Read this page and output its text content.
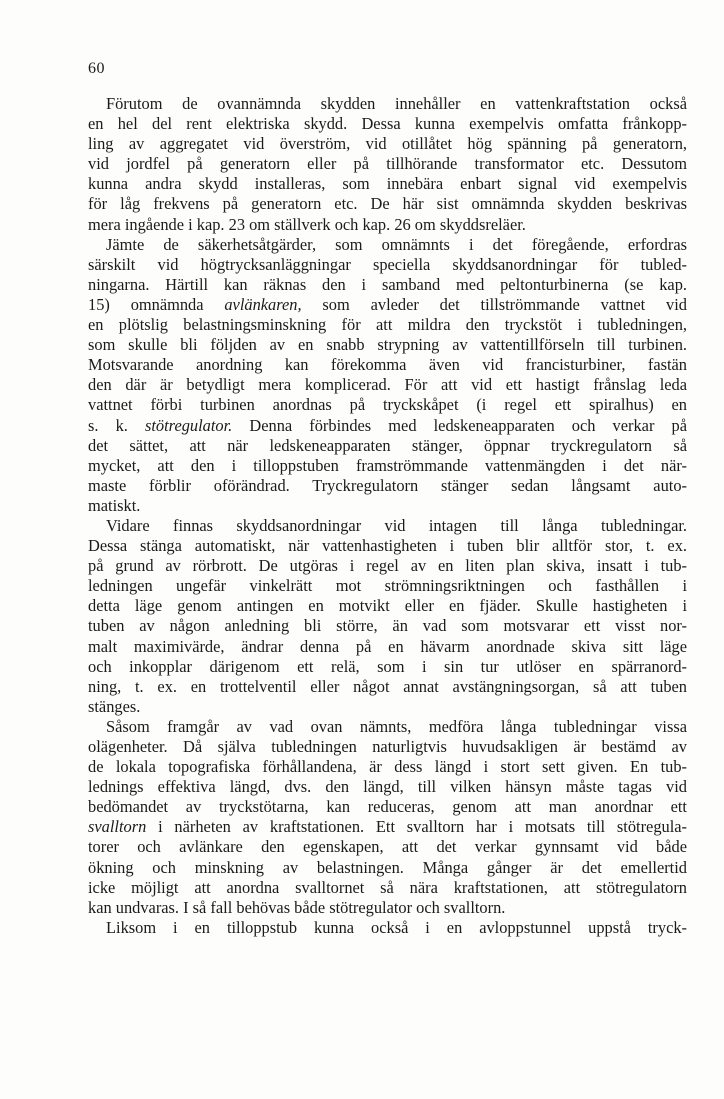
60
Förutom de ovannämnda skydden innehåller en vattenkraftstation också
en hel del rent elektriska skydd. Dessa kunna exempelvis omfatta frånkopp-
ling av aggregatet vid överström, vid otillåtet hög spänning på generatorn,
vid jordfel på generatorn eller på tillhörande transformator etc. Dessutom
kunna andra skydd installeras, som innebära enbart signal vid exempelvis
för låg frekvens på generatorn etc. De här sist omnämnda skydden beskrivas
mera ingående i kap. 23 om ställverk och kap. 26 om skyddsreläer.
Jämte de säkerhetsåtgärder, som omnämnts i det föregående, erfordras
särskilt vid högtrycksanläggningar speciella skyddsanordningar för tubled-
ningarna. Härtill kan räknas den i samband med peltonturbinerna (se kap.
15) omnämnda avlänkaren, som avleder det tillströmmande vattnet vid
en plötslig belastningsminskning för att mildra den tryckstöt i tubledningen,
som skulle bli följden av en snabb strypning av vattentillförseln till turbinen.
Motsvarande anordning kan förekomma även vid francisturbiner, fastän
den där är betydligt mera komplicerad. För att vid ett hastigt frånslag leda
vattnet förbi turbinen anordnas på tryckskåpet (i regel ett spiralhus) en
s. k. stötregulator. Denna förbindes med ledskeneapparaten och verkar på
det sättet, att när ledskeneapparaten stänger, öppnar tryckregulatorn så
mycket, att den i tilloppstuben framströmmande vattenmängden i det när-
maste förblir oförändrad. Tryckregulatorn stänger sedan långsamt auto-
matiskt.
Vidare finnas skyddsanordningar vid intagen till långa tubledningar.
Dessa stänga automatiskt, när vattenhastigheten i tuben blir alltför stor, t. ex.
på grund av rörbrott. De utgöras i regel av en liten plan skiva, insatt i tub-
ledningen ungefär vinkelrätt mot strömningsriktningen och fasthållen i
detta läge genom antingen en motvikt eller en fjäder. Skulle hastigheten i
tuben av någon anledning bli större, än vad som motsvarar ett visst nor-
malt maximivärde, ändrar denna på en hävarm anordnade skiva sitt läge
och inkopplar därigenom ett relä, som i sin tur utlöser en spärranord-
ning, t. ex. en trottelventil eller något annat avstängningsorgan, så att tuben
stänges.
Såsom framgår av vad ovan nämnts, medföra långa tubledningar vissa
olägenheter. Då själva tubledningen naturligtvis huvudsakligen är bestämd av
de lokala topografiska förhållandena, är dess längd i stort sett given. En tub-
lednings effektiva längd, dvs. den längd, till vilken hänsyn måste tagas vid
bedömandet av tryckstötarna, kan reduceras, genom att man anordnar ett
svalltorn i närheten av kraftstationen. Ett svalltorn har i motsats till stötregula-
torer och avlänkare den egenskapen, att det verkar gynnsamt vid både
ökning och minskning av belastningen. Många gånger är det emellertid
icke möjligt att anordna svalltornet så nära kraftstationen, att stötregulatorn
kan undvaras. I så fall behövas både stötregulator och svalltorn.
Liksom i en tilloppstub kunna också i en avloppstunnel uppstå tryck-
